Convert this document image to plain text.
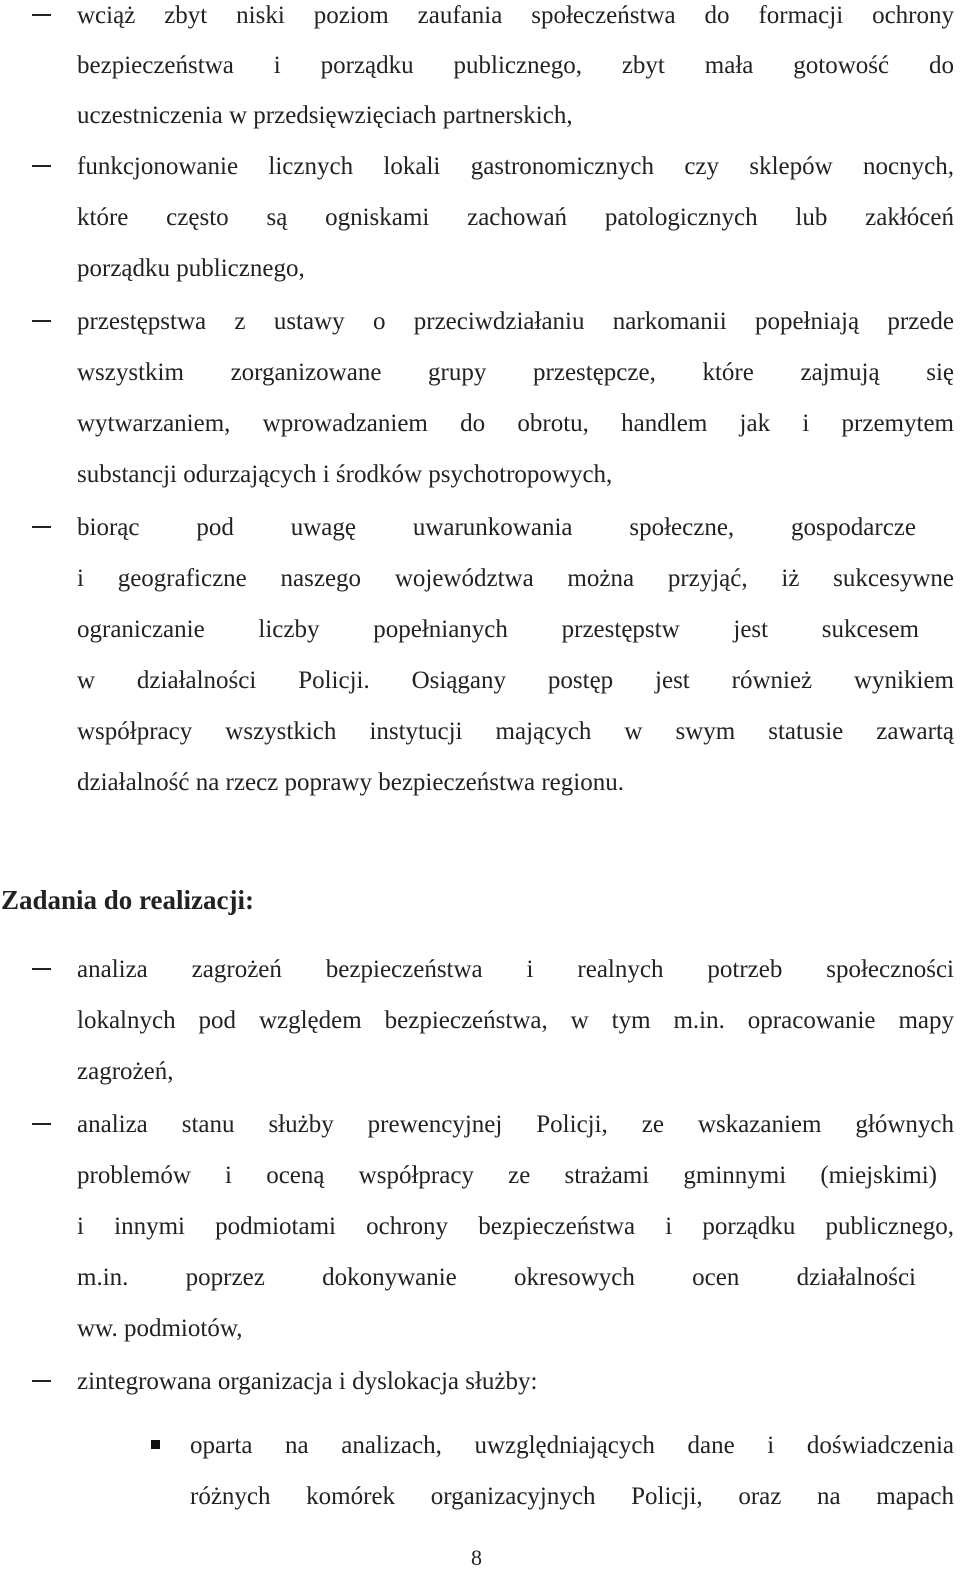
wciąż zbyt niski poziom zaufania społeczeństwa do formacji ochrony
bezpieczeństwa i porządku publicznego, zbyt mała gotowość do
uczestniczenia w przedsięwzięciach partnerskich,
funkcjonowanie licznych lokali gastronomicznych czy sklepów nocnych,
które często są ogniskami zachowań patologicznych lub zakłóceń
porządku publicznego,
przestępstwa z ustawy o przeciwdziałaniu narkomanii popełniają przede
wszystkim zorganizowane grupy przestępcze, które zajmują się
wytwarzaniem, wprowadzaniem do obrotu, handlem jak i przemytem
substancji odurzających i środków psychotropowych,
biorąc pod uwagę uwarunkowania społeczne, gospodarcze
i geograficzne naszego województwa można przyjąć, iż sukcesywne
ograniczanie liczby popełnianych przestępstw jest sukcesem
w działalności Policji. Osiągany postęp jest również wynikiem
współpracy wszystkich instytucji mających w swym statusie zawartą
działalność na rzecz poprawy bezpieczeństwa regionu.
Zadania do realizacji:
analiza zagrożeń bezpieczeństwa i realnych potrzeb społeczności
lokalnych pod względem bezpieczeństwa, w tym m.in. opracowanie mapy
zagrożeń,
analiza stanu służby prewencyjnej Policji, ze wskazaniem głównych
problemów i oceną współpracy ze strażami gminnymi (miejskimi)
i innymi podmiotami ochrony bezpieczeństwa i porządku publicznego,
m.in. poprzez dokonywanie okresowych ocen działalności
ww. podmiotów,
zintegrowana organizacja i dyslokacja służby:
oparta na analizach, uwzględniających dane i doświadczenia
różnych komórek organizacyjnych Policji, oraz na mapach
8
